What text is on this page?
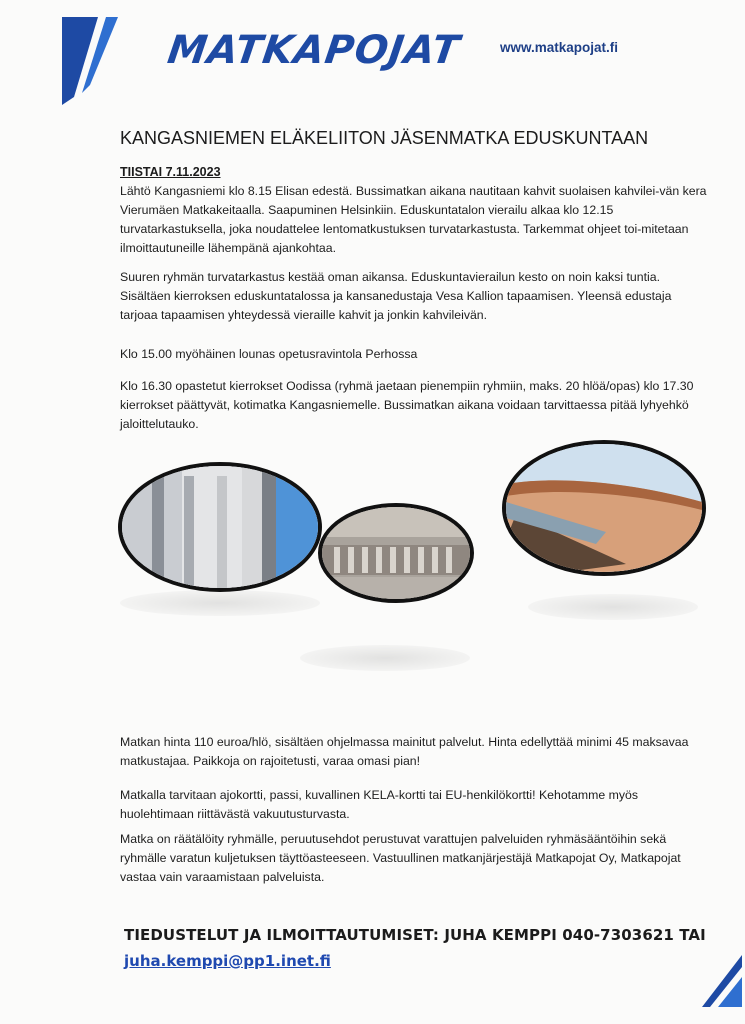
MATKAPOJAT	www.matkapojat.fi
KANGASNIEMEN ELÄKELIITON JÄSENMATKA EDUSKUNTAAN
TIISTAI 7.11.2023
Lähtö Kangasniemi klo 8.15 Elisan edestä. Bussimatkan aikana nautitaan kahvit suolaisen kahvilei-vän kera Vierumäen Matkakeitaalla. Saapuminen Helsinkiin. Eduskuntatalon vierailu alkaa klo 12.15 turvatarkastuksella, joka noudattelee lentomatkustuksen turvatarkastusta. Tarkemmat ohjeet toi-mitetaan ilmoittautuneille lähempänä ajankohtaa.
Suuren ryhmän turvatarkastus kestää oman aikansa. Eduskuntavierailun kesto on noin kaksi tuntia. Sisältäen kierroksen eduskuntatalossa ja kansanedustaja Vesa Kallion tapaamisen. Yleensä edustaja tarjoaa tapaamisen yhteydessä vieraille kahvit ja jonkin kahvileivän.
Klo 15.00 myöhäinen lounas opetusravintola Perhossa
Klo 16.30 opastetut kierrokset Oodissa (ryhmä jaetaan pienempiin ryhmiin, maks. 20 hlöä/opas) klo 17.30 kierrokset päättyvät, kotimatka Kangasniemelle. Bussimatkan aikana voidaan tarvittaessa pitää lyhyehkö jaloittelutauko.
Matkan hinta 110 euroa/hlö, sisältäen ohjelmassa mainitut palvelut. Hinta edellyttää minimi 45 maksavaa matkustajaa. Paikkoja on rajoitetusti, varaa omasi pian!
Matkalla tarvitaan ajokortti, passi, kuvallinen KELA-kortti tai EU-henkilökortti! Kehotamme myös huolehtimaan riittävästä vakuutusturvasta.
Matka on räätälöity ryhmälle, peruutusehdot perustuvat varattujen palveluiden ryhmäsääntöihin sekä ryhmälle varatun kuljetuksen täyttöasteeseen. Vastuullinen matkanjärjestäjä Matkapojat Oy, Matkapojat vastaa vain varaamistaan palveluista.
TIEDUSTELUT JA ILMOITTAUTUMISET: JUHA KEMPPI 040-7303621 TAI
juha.kemppi@pp1.inet.fi
